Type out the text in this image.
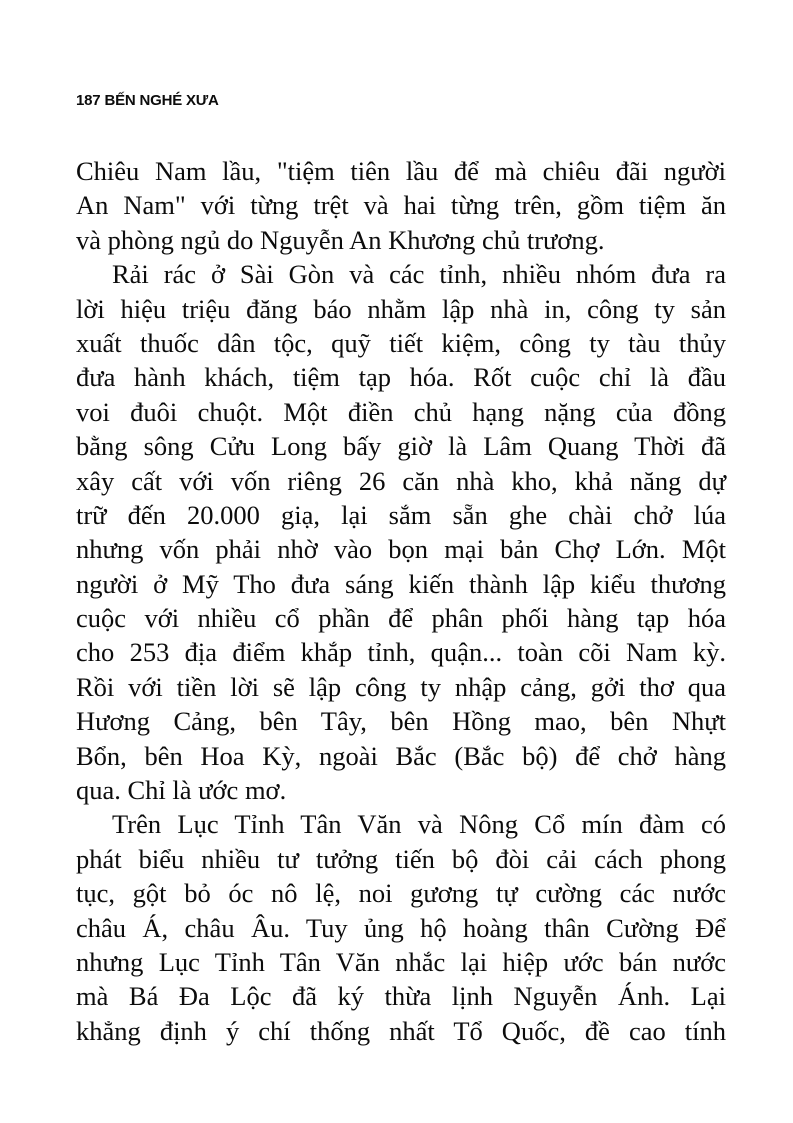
187 BẾN NGHÉ XƯA
Chiêu Nam lầu, "tiệm tiên lầu để mà chiêu đãi người
An Nam" với từng trệt và hai từng trên, gồm tiệm ăn
và phòng ngủ do Nguyễn An Khương chủ trương.
Rải rác ở Sài Gòn và các tỉnh, nhiều nhóm đưa ra
lời hiệu triệu đăng báo nhằm lập nhà in, công ty sản
xuất thuốc dân tộc, quỹ tiết kiệm, công ty tàu thủy
đưa hành khách, tiệm tạp hóa. Rốt cuộc chỉ là đầu
voi đuôi chuột. Một điền chủ hạng nặng của đồng
bằng sông Cửu Long bấy giờ là Lâm Quang Thời đã
xây cất với vốn riêng 26 căn nhà kho, khả năng dự
trữ đến 20.000 giạ, lại sắm sẵn ghe chài chở lúa
nhưng vốn phải nhờ vào bọn mại bản Chợ Lớn. Một
người ở Mỹ Tho đưa sáng kiến thành lập kiểu thương
cuộc với nhiều cổ phần để phân phối hàng tạp hóa
cho 253 địa điểm khắp tỉnh, quận... toàn cõi Nam kỳ.
Rồi với tiền lời sẽ lập công ty nhập cảng, gởi thơ qua
Hương Cảng, bên Tây, bên Hồng mao, bên Nhựt
Bổn, bên Hoa Kỳ, ngoài Bắc (Bắc bộ) để chở hàng
qua. Chỉ là ước mơ.
Trên Lục Tỉnh Tân Văn và Nông Cổ mín đàm có
phát biểu nhiều tư tưởng tiến bộ đòi cải cách phong
tục, gột bỏ óc nô lệ, noi gương tự cường các nước
châu Á, châu Âu. Tuy ủng hộ hoàng thân Cường Để
nhưng Lục Tỉnh Tân Văn nhắc lại hiệp ước bán nước
mà Bá Đa Lộc đã ký thừa lịnh Nguyễn Ánh. Lại
khẳng định ý chí thống nhất Tổ Quốc, đề cao tính
